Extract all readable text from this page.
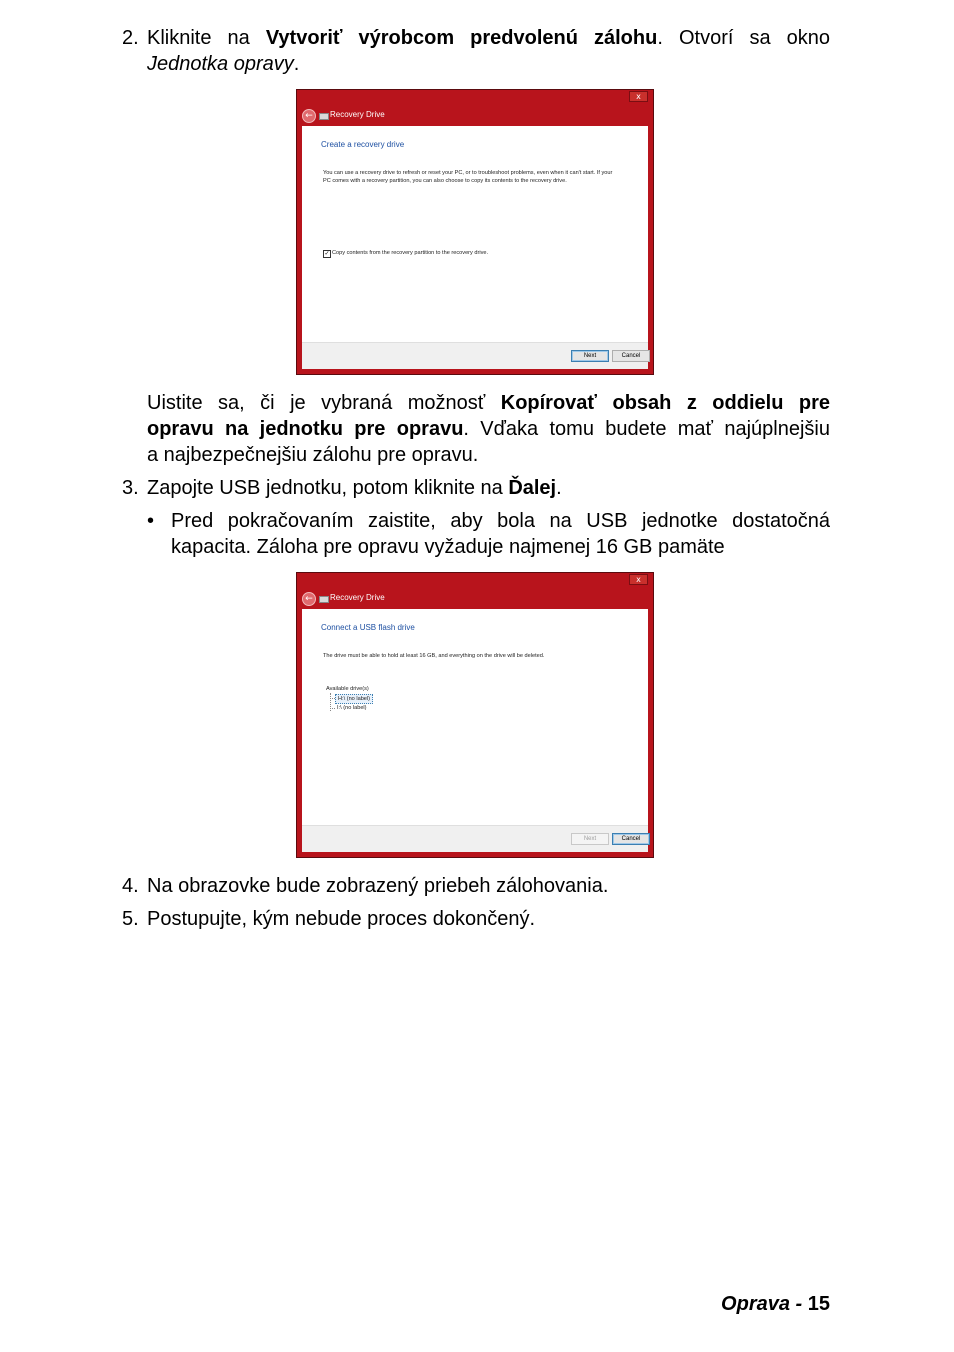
2. Kliknite na Vytvoriť výrobcom predvolenú zálohu. Otvorí sa okno
Jednotka opravy.
x
←	Recovery Drive
Create a recovery drive
You can use a recovery drive to refresh or reset your PC, or to troubleshoot problems, even when it can't start. If your PC comes with a recovery partition, you can also choose to copy its contents to the recovery drive.
✓ Copy contents from the recovery partition to the recovery drive.
Next	Cancel
Uistite sa, či je vybraná možnosť Kopírovať obsah z oddielu pre
opravu na jednotku pre opravu. Vďaka tomu budete mať najúplnejšiu
a najbezpečnejšiu zálohu pre opravu.
3. Zapojte USB jednotku, potom kliknite na Ďalej.
• Pred pokračovaním zaistite, aby bola na USB jednotke dostatočná
kapacita. Záloha pre opravu vyžaduje najmenej 16 GB pamäte
x
←	Recovery Drive
Connect a USB flash drive
The drive must be able to hold at least 16 GB, and everything on the drive will be deleted.
Available drive(s)
H:\ (no label)
I:\ (no label)
Next	Cancel
4. Na obrazovke bude zobrazený priebeh zálohovania.
5. Postupujte, kým nebude proces dokončený.
Oprava - 15
